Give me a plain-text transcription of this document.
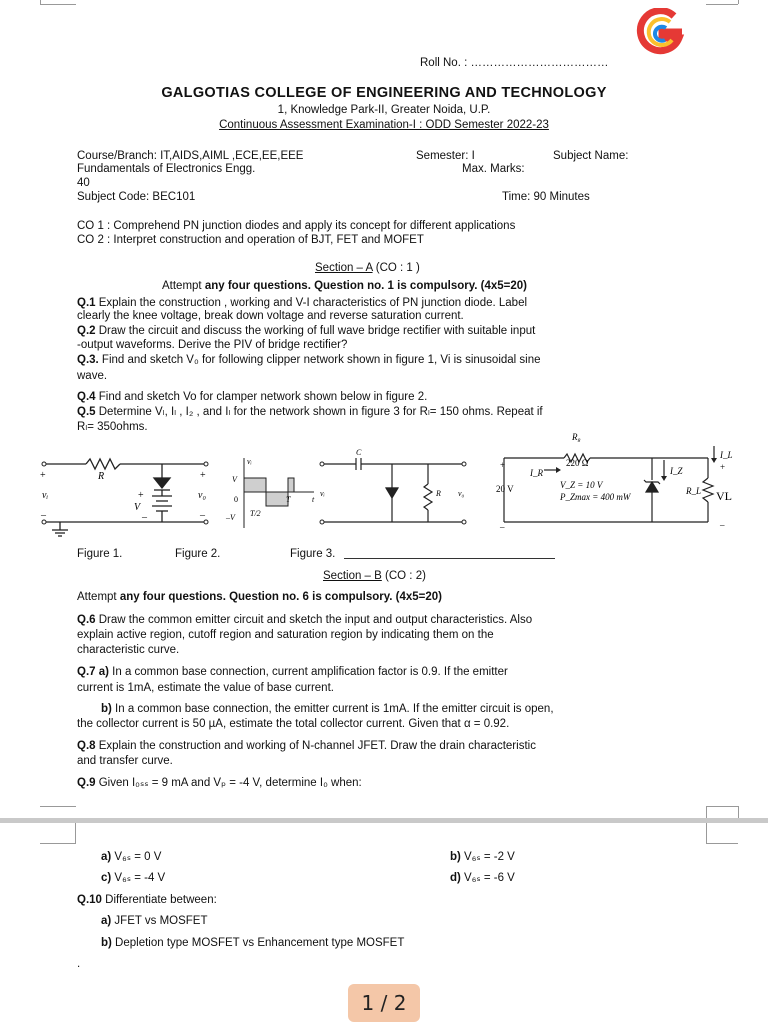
Roll No. : ………………………………
GALGOTIAS COLLEGE OF ENGINEERING AND TECHNOLOGY
1, Knowledge Park-II, Greater Noida, U.P.
Continuous Assessment Examination-I : ODD Semester 2022-23
Course/Branch: IT,AIDS,AIML ,ECE,EE,EEE	Semester: I	Subject Name:
Fundamentals of Electronics Engg.	Max. Marks:
40
Subject Code: BEC101	Time: 90 Minutes
CO 1 : Comprehend PN junction diodes and apply its concept for different applications
CO 2 : Interpret construction and operation of BJT, FET and MOFET
Section – A (CO : 1 )
Attempt any four questions. Question no. 1 is compulsory. (4x5=20)
Q.1 Explain the construction , working and V-I characteristics of PN junction diode. Label
clearly the knee voltage, break down voltage and reverse saturation current.
Q.2 Draw the circuit and discuss the working of full wave bridge rectifier with suitable input
-output waveforms. Derive the PIV of bridge rectifier?
Q.3. Find and sketch V₀ for following clipper network shown in figure 1, Vi is sinusoidal sine
wave.
Q.4 Find and sketch Vo for clamper network shown below in figure 2.
Q.5 Determine Vₗ, Iₗ , I₂ , and Iₗ for the network shown in figure 3 for Rₗ= 150 ohms. Repeat if
Rₗ= 350ohms.
R
+
vᵢ
–
+
V
–
+
v₀
–
vᵢ
V
0
T/2
T	t
–V
C
vᵢ	R v₀
R₈
220 Ω
I_R
+
20 V
–
V_Z = 10 V
P_Zmax = 400 mW
I_Z
I_L
R_L
+
VL
–
Figure 1.	Figure 2.	Figure 3.
Section – B (CO : 2)
Attempt any four questions. Question no. 6 is compulsory. (4x5=20)
Q.6 Draw the common emitter circuit and sketch the input and output characteristics. Also
explain active region, cutoff region and saturation region by indicating them on the
characteristic curve.
Q.7 a) In a common base connection, current amplification factor is 0.9. If the emitter
current is 1mA, estimate the value of base current.
b) In a common base connection, the emitter current is 1mA. If the emitter circuit is open,
the collector current is 50 µA, estimate the total collector current. Given that α = 0.92.
Q.8 Explain the construction and working of N-channel JFET. Draw the drain characteristic
and transfer curve.
Q.9 Given I₀ₛₛ = 9 mA and Vₚ = -4 V, determine I₀ when:
a) V₆ₛ = 0 V	b) V₆ₛ = -2 V
c) V₆ₛ = -4 V	d) V₆ₛ = -6 V
Q.10 Differentiate between:
a) JFET vs MOSFET
b) Depletion type MOSFET vs Enhancement type MOSFET
.
1 / 2
